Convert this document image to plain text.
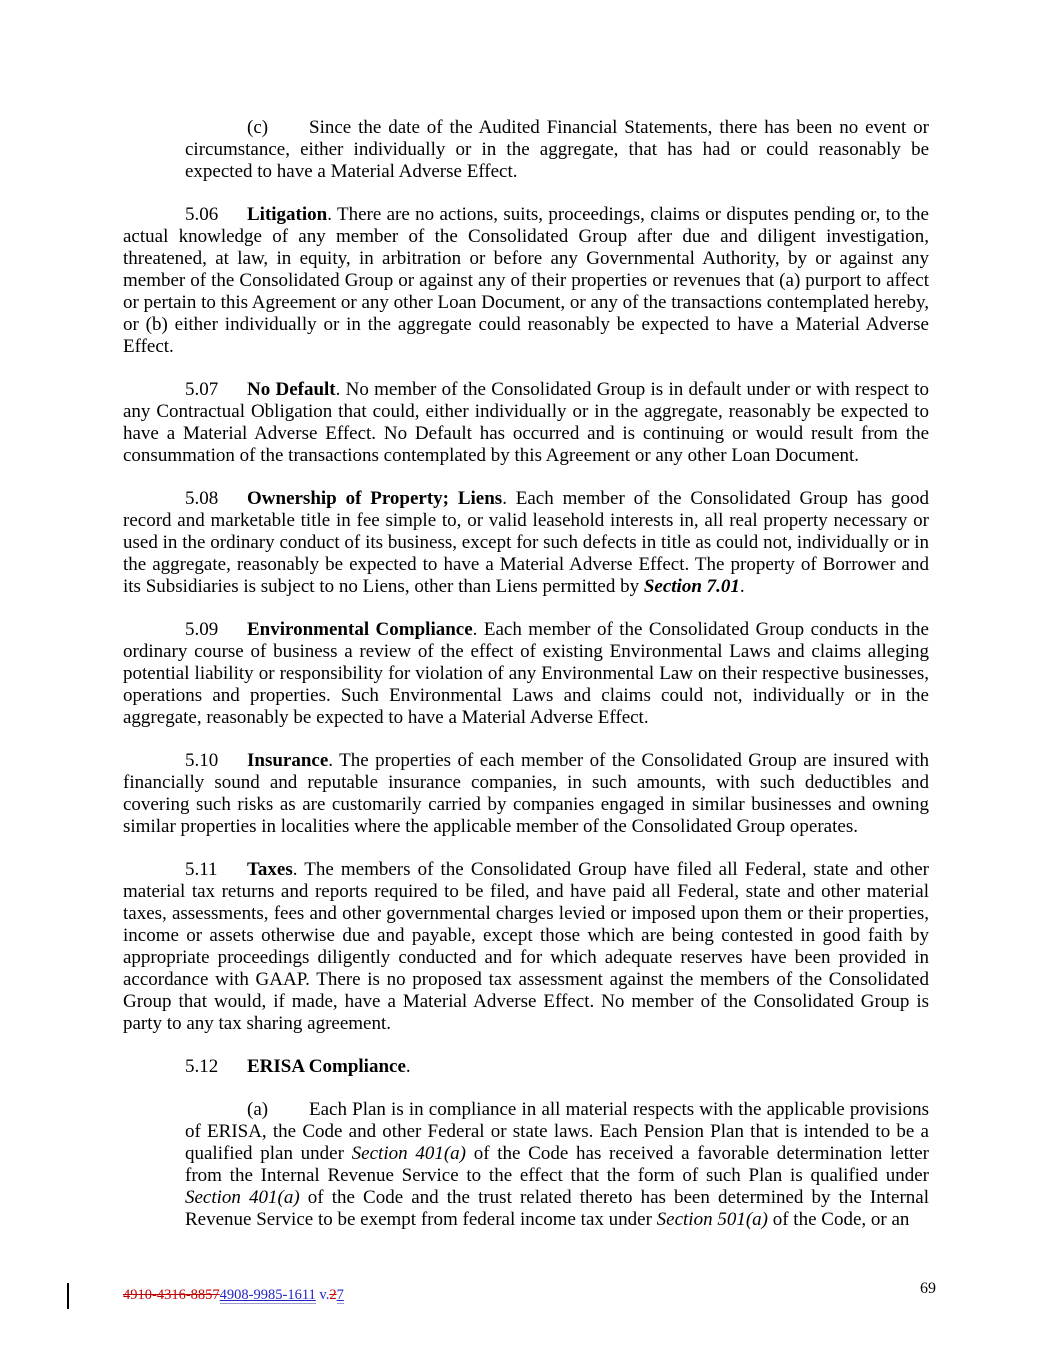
(c) Since the date of the Audited Financial Statements, there has been no event or circumstance, either individually or in the aggregate, that has had or could reasonably be expected to have a Material Adverse Effect.

5.06 Litigation. There are no actions, suits, proceedings, claims or disputes pending or, to the actual knowledge of any member of the Consolidated Group after due and diligent investigation, threatened, at law, in equity, in arbitration or before any Governmental Authority, by or against any member of the Consolidated Group or against any of their properties or revenues that (a) purport to affect or pertain to this Agreement or any other Loan Document, or any of the transactions contemplated hereby, or (b) either individually or in the aggregate could reasonably be expected to have a Material Adverse Effect.

5.07 No Default. No member of the Consolidated Group is in default under or with respect to any Contractual Obligation that could, either individually or in the aggregate, reasonably be expected to have a Material Adverse Effect. No Default has occurred and is continuing or would result from the consummation of the transactions contemplated by this Agreement or any other Loan Document.

5.08 Ownership of Property; Liens. Each member of the Consolidated Group has good record and marketable title in fee simple to, or valid leasehold interests in, all real property necessary or used in the ordinary conduct of its business, except for such defects in title as could not, individually or in the aggregate, reasonably be expected to have a Material Adverse Effect. The property of Borrower and its Subsidiaries is subject to no Liens, other than Liens permitted by Section 7.01.

5.09 Environmental Compliance. Each member of the Consolidated Group conducts in the ordinary course of business a review of the effect of existing Environmental Laws and claims alleging potential liability or responsibility for violation of any Environmental Law on their respective businesses, operations and properties. Such Environmental Laws and claims could not, individually or in the aggregate, reasonably be expected to have a Material Adverse Effect.

5.10 Insurance. The properties of each member of the Consolidated Group are insured with financially sound and reputable insurance companies, in such amounts, with such deductibles and covering such risks as are customarily carried by companies engaged in similar businesses and owning similar properties in localities where the applicable member of the Consolidated Group operates.

5.11 Taxes. The members of the Consolidated Group have filed all Federal, state and other material tax returns and reports required to be filed, and have paid all Federal, state and other material taxes, assessments, fees and other governmental charges levied or imposed upon them or their properties, income or assets otherwise due and payable, except those which are being contested in good faith by appropriate proceedings diligently conducted and for which adequate reserves have been provided in accordance with GAAP. There is no proposed tax assessment against the members of the Consolidated Group that would, if made, have a Material Adverse Effect. No member of the Consolidated Group is party to any tax sharing agreement.

5.12 ERISA Compliance.

(a) Each Plan is in compliance in all material respects with the applicable provisions of ERISA, the Code and other Federal or state laws. Each Pension Plan that is intended to be a qualified plan under Section 401(a) of the Code has received a favorable determination letter from the Internal Revenue Service to the effect that the form of such Plan is qualified under Section 401(a) of the Code and the trust related thereto has been determined by the Internal Revenue Service to be exempt from federal income tax under Section 501(a) of the Code, or an

4910-4316-88574908-9985-1611 v.27	69
